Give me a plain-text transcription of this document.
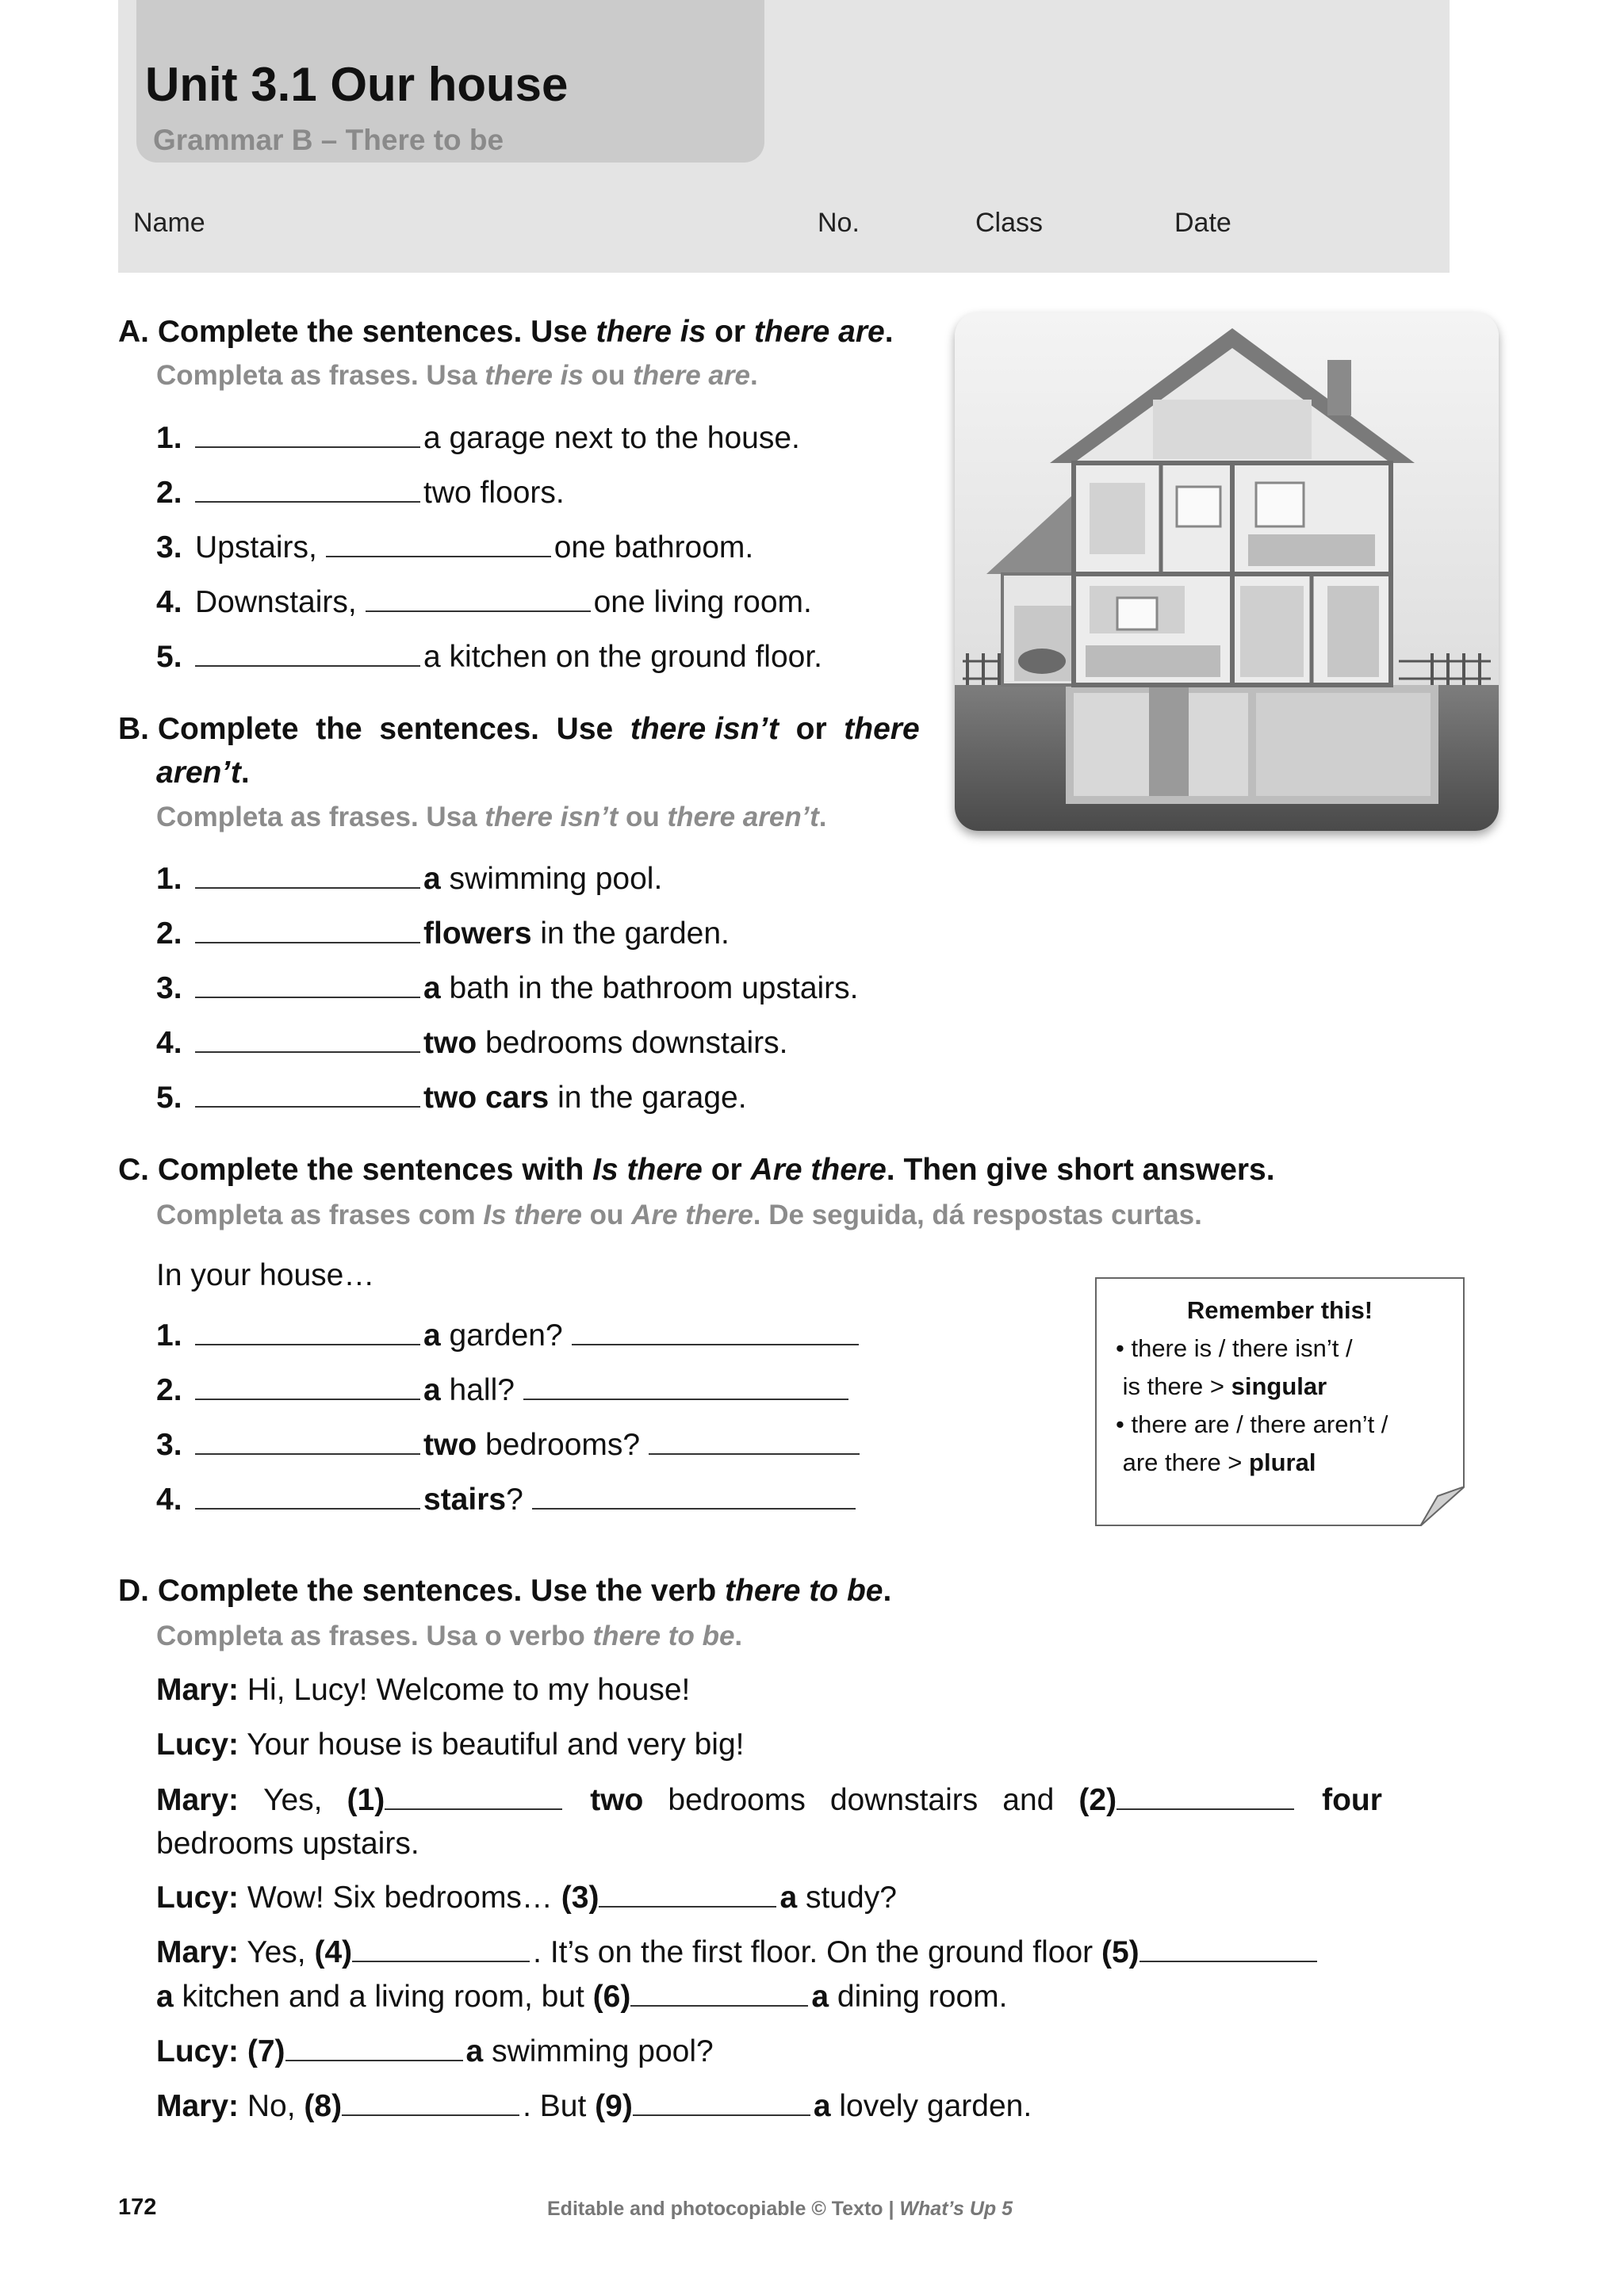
Unit 3.1 Our house
Grammar B – There to be
Name	No.	Class	Date
A. Complete the sentences. Use there is or there are.
Completa as frases. Usa there is ou there are.
1.	a garage next to the house.
2.	two floors.
3. Upstairs,	one bathroom.
4. Downstairs,	one living room.
5.	a kitchen on the ground floor.
B. Complete  the  sentences.  Use  there isn’t  or  there
aren’t.
Completa as frases. Usa there isn’t ou there aren’t.
1.	a swimming pool.
2.	flowers in the garden.
3.	a bath in the bathroom upstairs.
4.	two bedrooms downstairs.
5.	two cars in the garage.
C. Complete the sentences with Is there or Are there. Then give short answers.
Completa as frases com Is there ou Are there. De seguida, dá respostas curtas.
In your house…
1.	a garden?
2.	a hall?
3.	two bedrooms?
4.	stairs?
Remember this!
• there is / there isn’t /
is there > singular
• there are / there aren’t /
are there > plural
D. Complete the sentences. Use the verb there to be.
Completa as frases. Usa o verbo there to be.
Mary: Hi, Lucy! Welcome to my house!
Lucy: Your house is beautiful and very big!
Mary: Yes, (1)	two bedrooms downstairs and (2)	four
bedrooms upstairs.
Lucy: Wow! Six bedrooms… (3)	a study?
Mary: Yes, (4)	. It’s on the first floor. On the ground floor (5)
a kitchen and a living room, but (6)	a dining room.
Lucy: (7)	a swimming pool?
Mary: No, (8)	. But (9)	a lovely garden.
172	Editable and photocopiable © Texto | What’s Up 5
